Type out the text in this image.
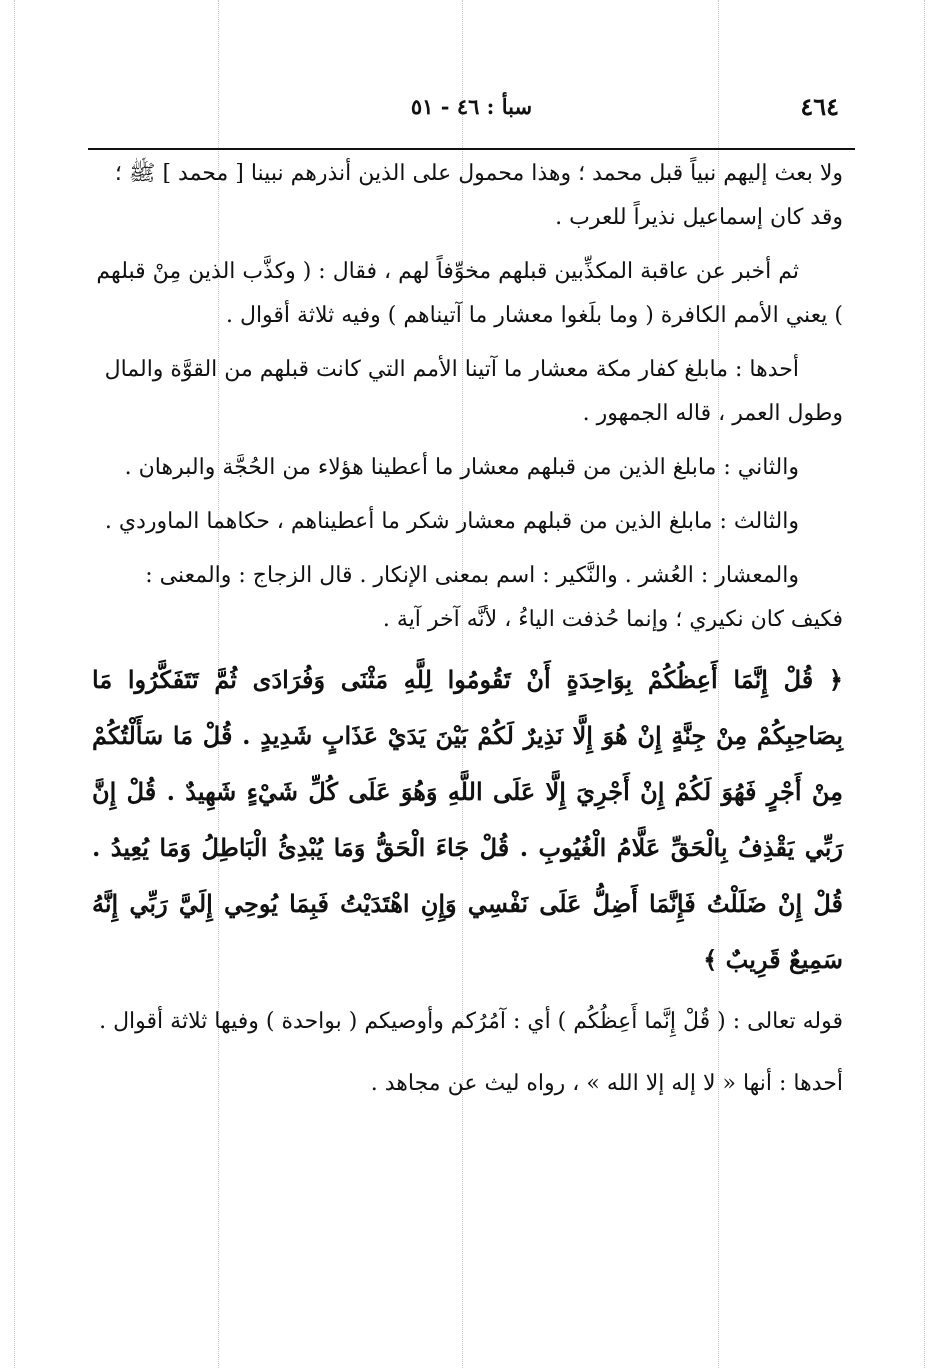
٤٦٤
سبأ : ٤٦ - ٥١

ولا بعث إليهم نبياً قبل محمد ؛ وهذا محمول على الذين أنذرهم نبينا [ محمد ] ﷺ ؛ وقد كان إسماعيل نذيراً للعرب .

ثم أخبر عن عاقبة المكذِّبين قبلهم مخوِّفاً لهم ، فقال : ( وكذَّب الذين مِنْ قبلهم ) يعني الأمم الكافرة ( وما بلَغوا معشار ما آتيناهم ) وفيه ثلاثة أقوال .

أحدها : مابلغ كفار مكة معشار ما آتينا الأمم التي كانت قبلهم من القوَّة والمال وطول العمر ، قاله الجمهور .

والثاني : مابلغ الذين من قبلهم معشار ما أعطينا هؤلاء من الحُجَّة والبرهان .

والثالث : مابلغ الذين من قبلهم معشار شكر ما أعطيناهم ، حكاهما الماوردي .

والمعشار : العُشر . والنَّكير : اسم بمعنى الإنكار . قال الزجاج : والمعنى : فكيف كان نكيري ؛ وإنما حُذفت الياءُ ، لأنَّه آخر آية .

﴿ قُلْ إِنَّمَا أَعِظُكُمْ بِوَاحِدَةٍ أَنْ تَقُومُوا لِلَّهِ مَثْنَى وَفُرَادَى ثُمَّ تَتَفَكَّرُوا مَا بِصَاحِبِكُمْ مِنْ جِنَّةٍ إِنْ هُوَ إِلَّا نَذِيرٌ لَكُمْ بَيْنَ يَدَيْ عَذَابٍ شَدِيدٍ . قُلْ مَا سَأَلْتُكُمْ مِنْ أَجْرٍ فَهُوَ لَكُمْ إِنْ أَجْرِيَ إِلَّا عَلَى اللَّهِ وَهُوَ عَلَى كُلِّ شَيْءٍ شَهِيدٌ . قُلْ إِنَّ رَبِّي يَقْذِفُ بِالْحَقِّ عَلَّامُ الْغُيُوبِ . قُلْ جَاءَ الْحَقُّ وَمَا يُبْدِئُ الْبَاطِلُ وَمَا يُعِيدُ . قُلْ إِنْ ضَلَلْتُ فَإِنَّمَا أَضِلُّ عَلَى نَفْسِي وَإِنِ اهْتَدَيْتُ فَبِمَا يُوحِي إِلَيَّ رَبِّي إِنَّهُ سَمِيعٌ قَرِيبٌ ﴾

قوله تعالى : ( قُلْ إِنَّما أَعِظُكُم ) أي : آمُرُكم وأوصيكم ( بواحدة ) وفيها ثلاثة أقوال .

أحدها : أنها « لا إله إلا الله » ، رواه ليث عن مجاهد .
